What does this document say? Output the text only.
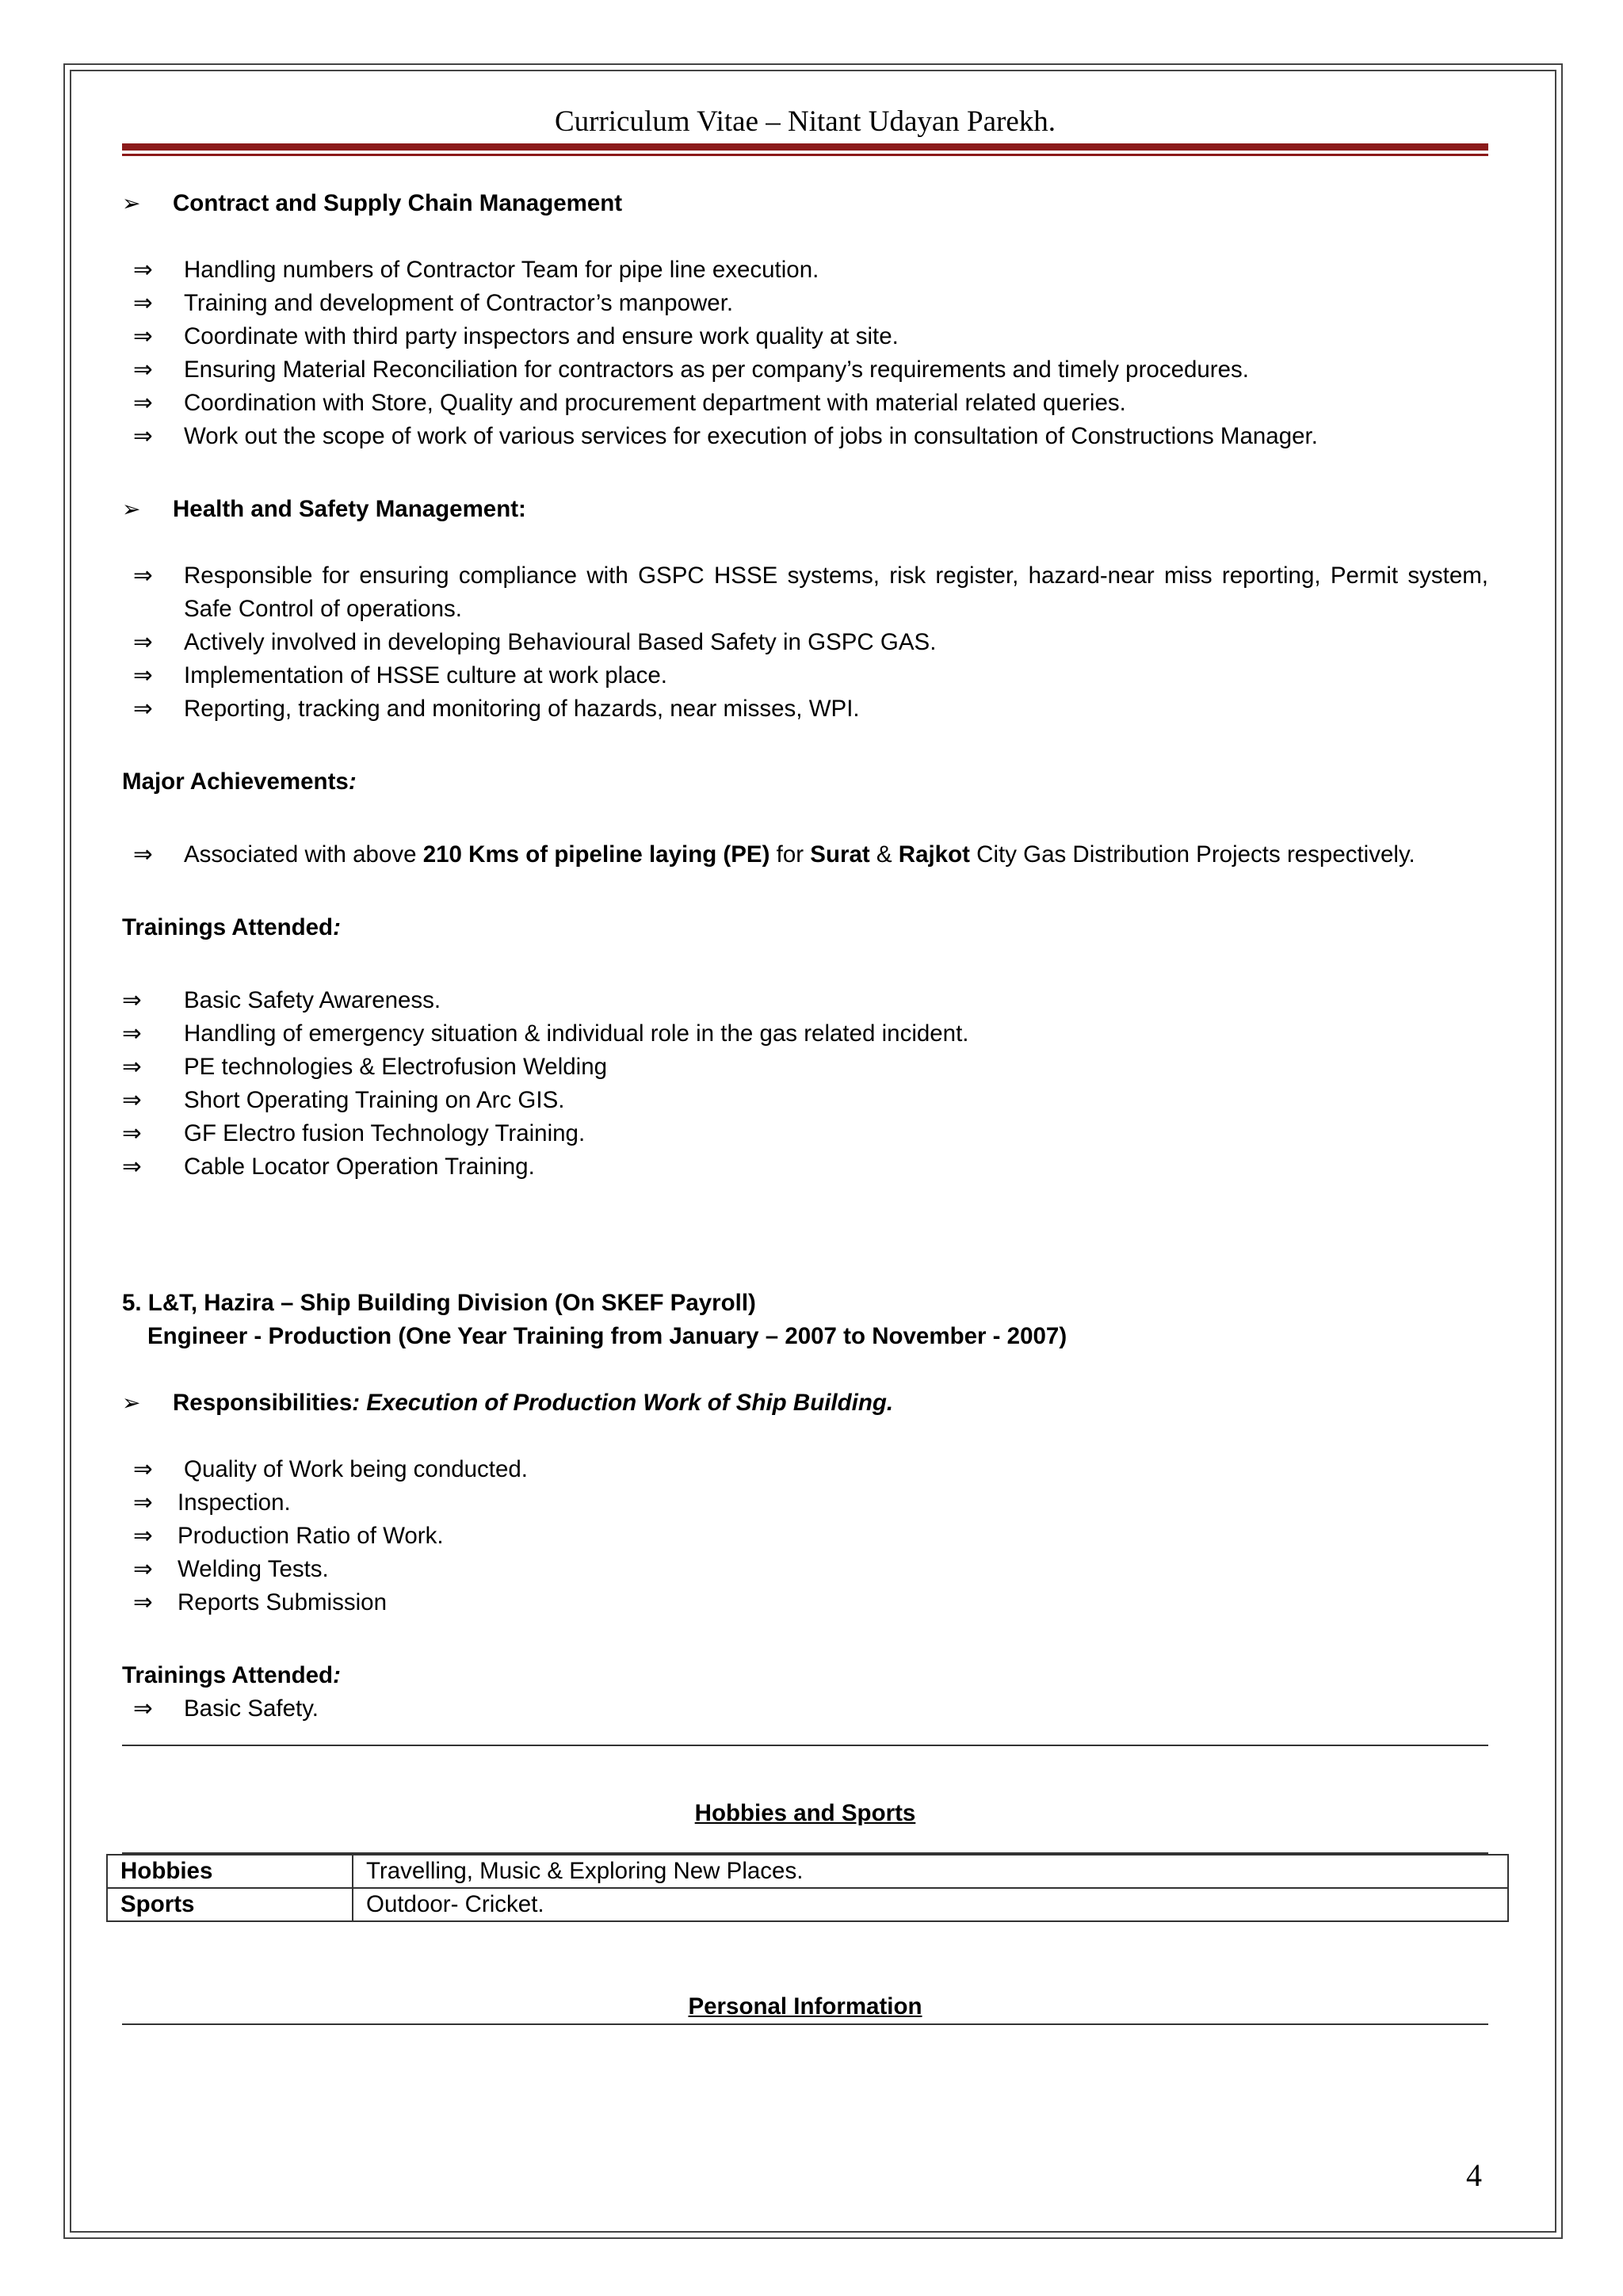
Curriculum Vitae – Nitant Udayan Parekh.
➢	Contract and Supply Chain Management
⇒	Handling numbers of Contractor Team for pipe line execution.
⇒	Training and development of Contractor’s manpower.
⇒	Coordinate with third party inspectors and ensure work quality at site.
⇒	Ensuring Material Reconciliation for contractors as per company’s requirements and timely procedures.
⇒	Coordination with Store, Quality and procurement department with material related queries.
⇒	Work out the scope of work of various services for execution of jobs in consultation of Constructions Manager.
➢	Health and Safety Management:
⇒	Responsible for ensuring compliance with GSPC HSSE systems, risk register, hazard-near miss reporting, Permit system, Safe Control of operations.
⇒	Actively involved in developing Behavioural Based Safety in GSPC GAS.
⇒	Implementation of HSSE culture at work place.
⇒	Reporting, tracking and monitoring of hazards, near misses, WPI.
Major Achievements:
⇒	Associated with above 210 Kms of pipeline laying (PE) for Surat & Rajkot City Gas Distribution Projects respectively.
Trainings Attended:
⇒	Basic Safety Awareness.
⇒	Handling of emergency situation & individual role in the gas related incident.
⇒	PE technologies & Electrofusion Welding
⇒	Short Operating Training on Arc GIS.
⇒	GF Electro fusion Technology Training.
⇒	Cable Locator Operation Training.
5. L&T, Hazira – Ship Building Division (On SKEF Payroll)
Engineer - Production (One Year Training from January – 2007 to November - 2007)
➢	Responsibilities: Execution of Production Work of Ship Building.
⇒	Quality of Work being conducted.
⇒	Inspection.
⇒	Production Ratio of Work.
⇒	Welding Tests.
⇒	Reports Submission
Trainings Attended:
⇒	Basic Safety.
Hobbies and Sports
Hobbies	Travelling, Music & Exploring New Places.
Sports	Outdoor- Cricket.
Personal Information
4
